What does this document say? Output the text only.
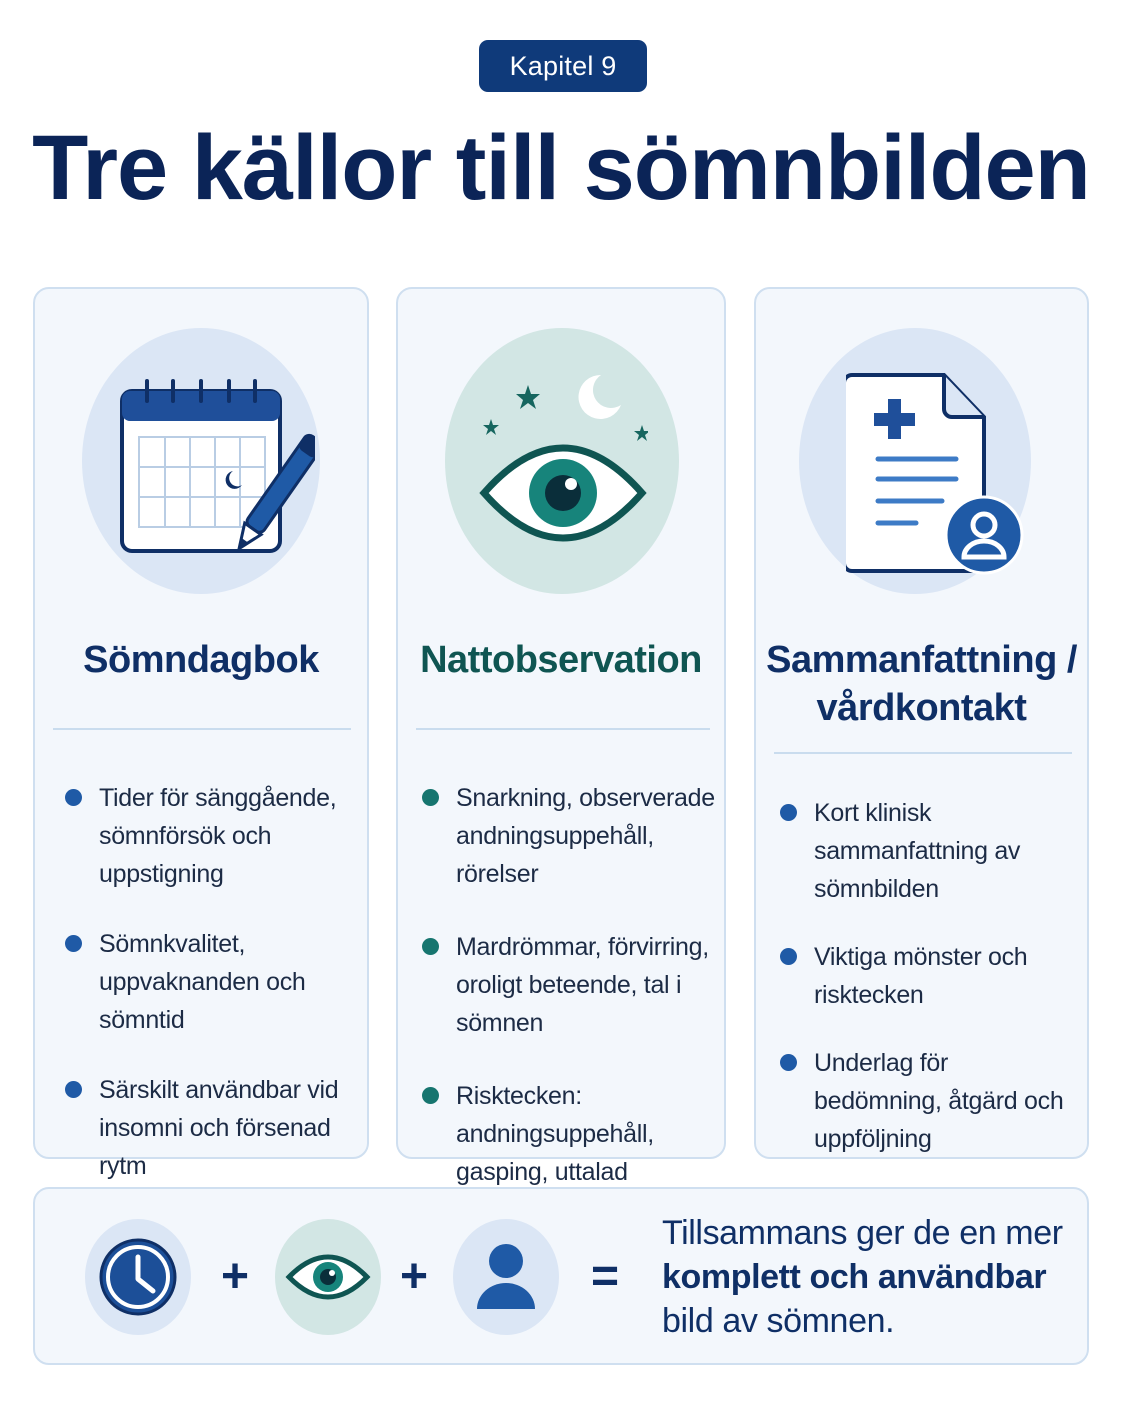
Kapitel 9
Tre källor till sömnbilden
Sömndagbok
Tider för sänggående, sömnförsök och uppstigning
Sömnkvalitet, uppvaknanden och sömntid
Särskilt användbar vid insomni och försenad rytm
Nattobservation
Snarkning, observerade andningsuppehåll, rörelser
Mardrömmar, förvirring, oroligt beteende, tal i sömnen
Risktecken: andningsuppehåll, gasping, uttalad
Sammanfattning / vårdkontakt
Kort klinisk sammanfattning av sömnbilden
Viktiga mönster och risktecken
Underlag för bedömning, åtgärd och uppföljning
+	+	=
Tillsammans ger de en mer
komplett och användbar
bild av sömnen.
